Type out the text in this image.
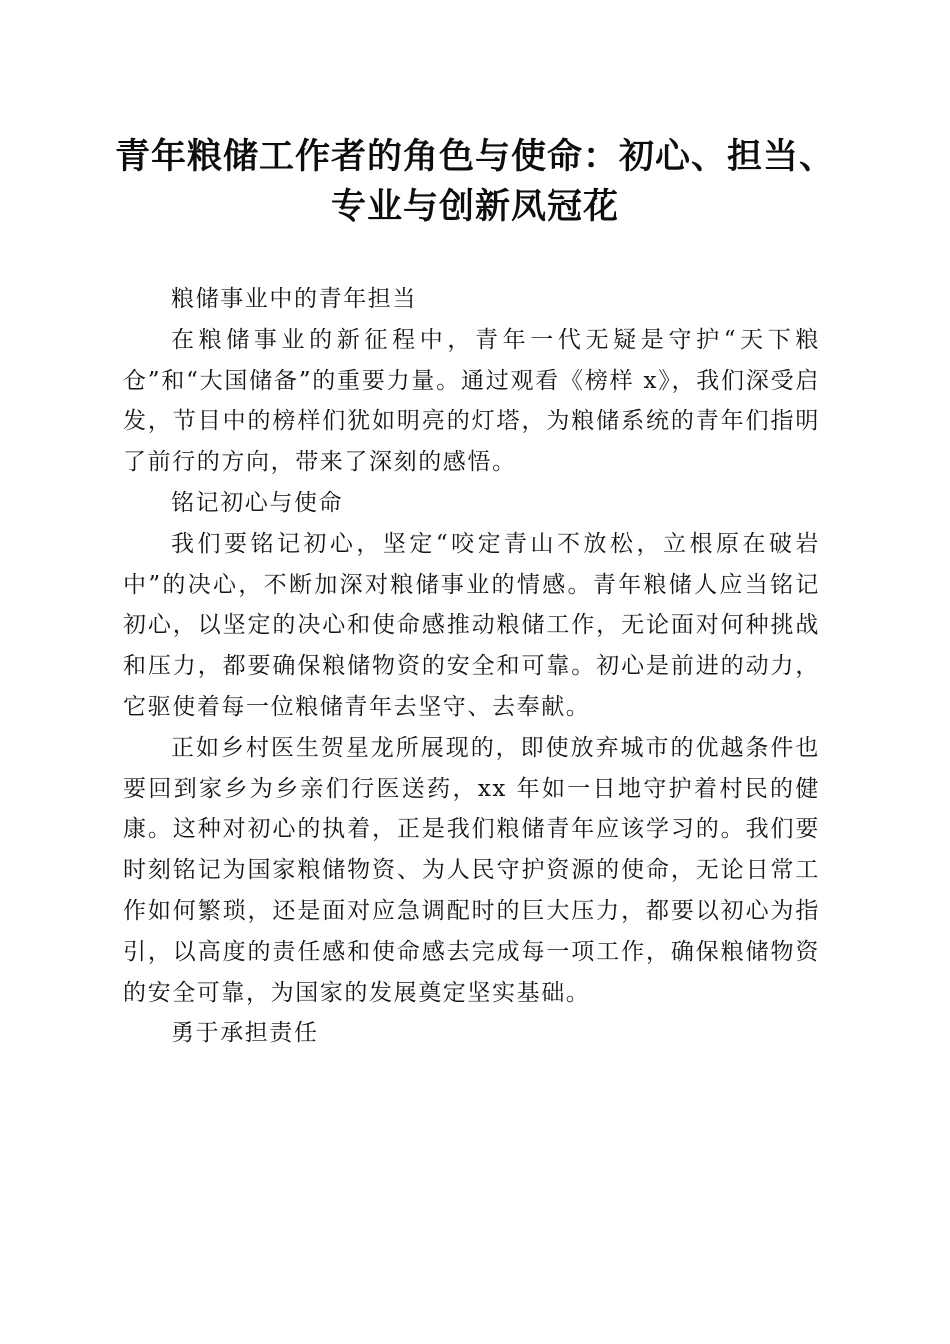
青年粮储工作者的角色与使命：初心、担当、
专业与创新凤冠花

粮储事业中的青年担当

在粮储事业的新征程中，青年一代无疑是守护“天下粮仓”和“大国储备”的重要力量。通过观看《榜样 x》，我们深受启发，节目中的榜样们犹如明亮的灯塔，为粮储系统的青年们指明了前行的方向，带来了深刻的感悟。

铭记初心与使命

我们要铭记初心，坚定“咬定青山不放松，立根原在破岩中”的决心，不断加深对粮储事业的情感。青年粮储人应当铭记初心，以坚定的决心和使命感推动粮储工作，无论面对何种挑战和压力，都要确保粮储物资的安全和可靠。初心是前进的动力，它驱使着每一位粮储青年去坚守、去奉献。

正如乡村医生贺星龙所展现的，即使放弃城市的优越条件也要回到家乡为乡亲们行医送药，xx 年如一日地守护着村民的健康。这种对初心的执着，正是我们粮储青年应该学习的。我们要时刻铭记为国家粮储物资、为人民守护资源的使命，无论日常工作如何繁琐，还是面对应急调配时的巨大压力，都要以初心为指引，以高度的责任感和使命感去完成每一项工作，确保粮储物资的安全可靠，为国家的发展奠定坚实基础。

勇于承担责任
